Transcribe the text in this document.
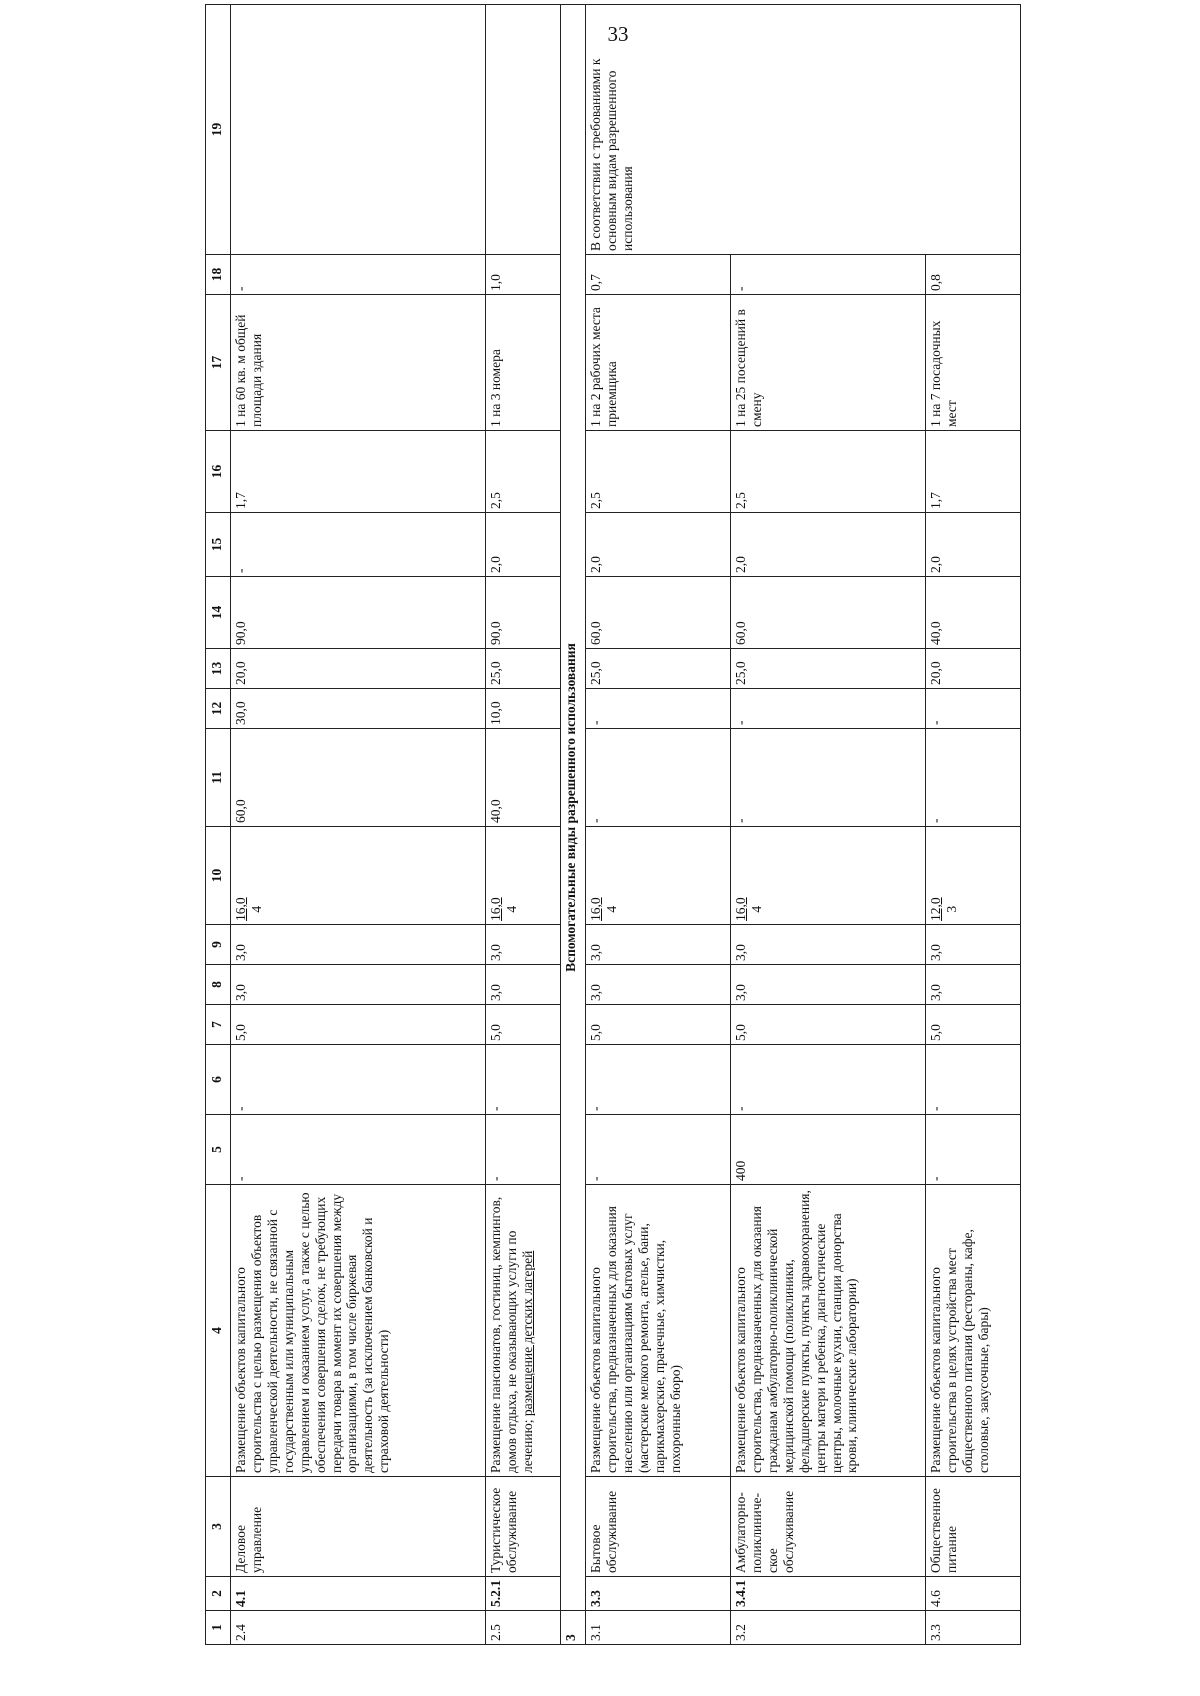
33
1	2	3	4	5	6	7	8	9	10	11	12	13	14	15	16	17	18	19
2.4	4.1	Деловое управление	Размещение объектов капитального строительства с целью размещения объектов управленческой деятельности, не связанной с государственным или муниципальным управлением и оказанием услуг, а также с целью обеспечения совершения сделок, не требующих передачи товара в момент их совершения между организациями, в том числе биржевая деятельность (за исключением банковской и страховой деятельности)	-	-	5,0	3,0	3,0	16,0 4	60,0	30,0	20,0	90,0	-	1,7	1 на 60 кв. м общей площади здания	-	
2.5	5.2.1	Туристическое обслуживание	Размещение пансионатов, гостиниц, кемпингов, домов отдыха, не оказывающих услуги по лечению; размещение детских лагерей	-	-	5,0	3,0	3,0	16,0 4	40,0	10,0	25,0	90,0	2,0	2,5	1 на 3 номера	1,0	
3	Вспомогательные виды разрешенного использования																	
3.1	3.3	Бытовое обслуживание	Размещение объектов капитального строительства, предназначенных для оказания населению или организациям бытовых услуг (мастерские мелкого ремонта, ателье, бани, парикмахерские, прачечные, химчистки, похоронные бюро)	-	-	5,0	3,0	3,0	16,0 4	-	-	25,0	60,0	2,0	2,5	1 на 2 рабочих места приемщика	0,7	В соответствии с требованиями к основным видам разрешенного использования
3.2	3.4.1	Амбулаторно-поликлиниче-ское обслуживание	Размещение объектов капитального строительства, предназначенных для оказания гражданам амбулаторно-поликлинической медицинской помощи (поликлиники, фельдшерские пункты, пункты здравоохранения, центры матери и ребенка, диагностические центры, молочные кухни, станции донорства крови, клинические лаборатории)	400	-	5,0	3,0	3,0	16,0 4	-	-	25,0	60,0	2,0	2,5	1 на 25 посещений в смену	-	
3.3	4.6	Общественное питание	Размещение объектов капитального строительства в целях устройства мест общественного питания (рестораны, кафе, столовые, закусочные, бары)	-	-	5,0	3,0	3,0	12,0 3	-	-	20,0	40,0	2,0	1,7	1 на 7 посадочных мест	0,8	
